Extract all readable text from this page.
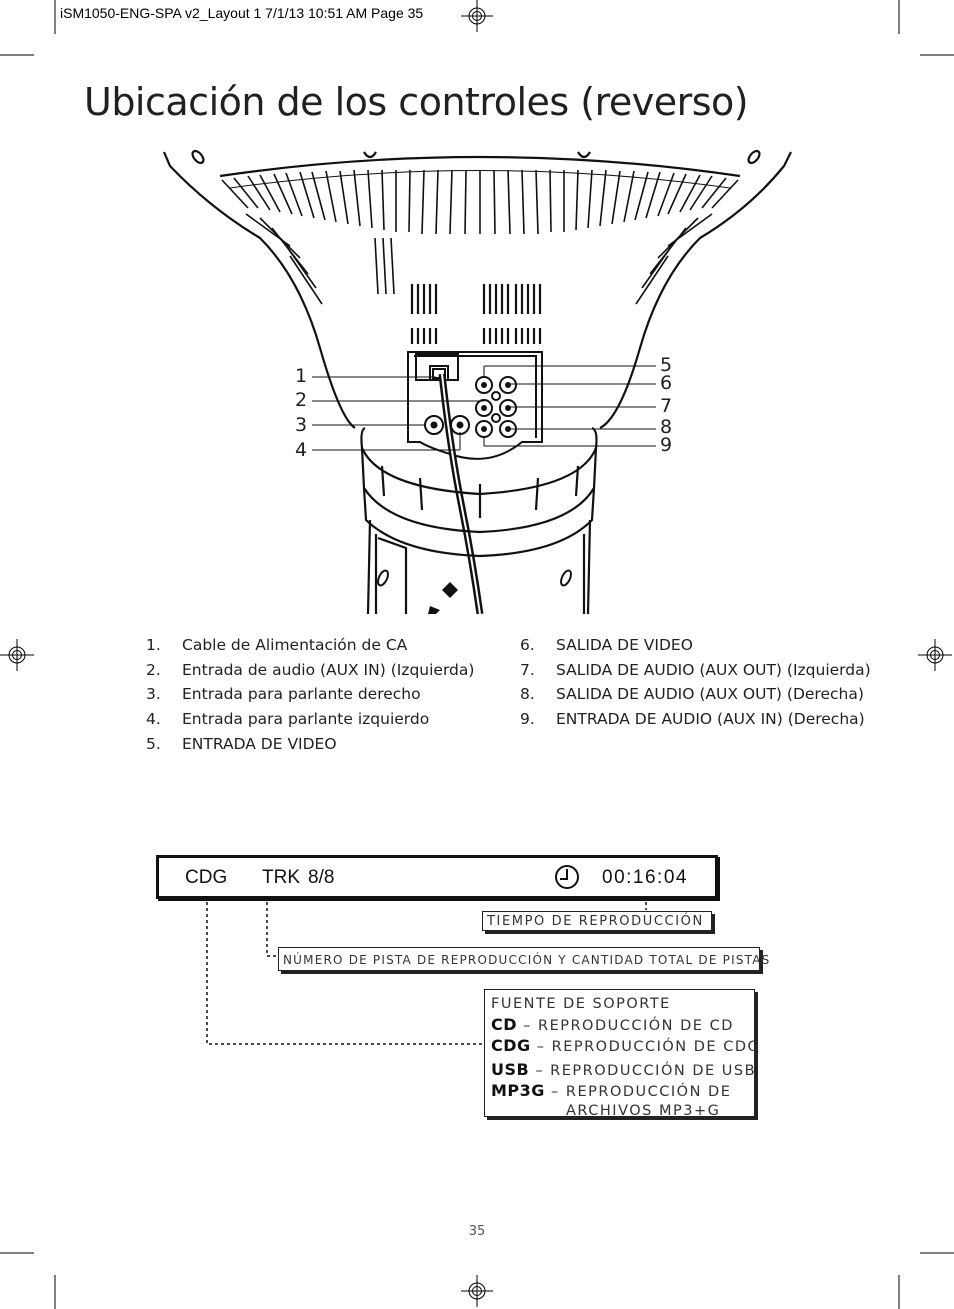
iSM1050-ENG-SPA v2_Layout 1 7/1/13 10:51 AM Page 35
Ubicación de los controles (reverso)
1
2
3
4
5
6
7
8
9
1. Cable de Alimentación de CA
2. Entrada de audio (AUX IN) (Izquierda)
3. Entrada para parlante derecho
4. Entrada para parlante izquierdo
5. ENTRADA DE VIDEO
6. SALIDA DE VIDEO
7. SALIDA DE AUDIO (AUX OUT) (Izquierda)
8. SALIDA DE AUDIO (AUX OUT) (Derecha)
9. ENTRADA DE AUDIO (AUX IN) (Derecha)
CDG TRK 8/8	00:16:04
TIEMPO DE REPRODUCCIÓN
NÚMERO DE PISTA DE REPRODUCCIÓN Y CANTIDAD TOTAL DE PISTAS
FUENTE DE SOPORTE
CD – REPRODUCCIÓN DE CD
CDG – REPRODUCCIÓN DE CDG
USB – REPRODUCCIÓN DE USB
MP3G – REPRODUCCIÓN DE
ARCHIVOS MP3+G
35
